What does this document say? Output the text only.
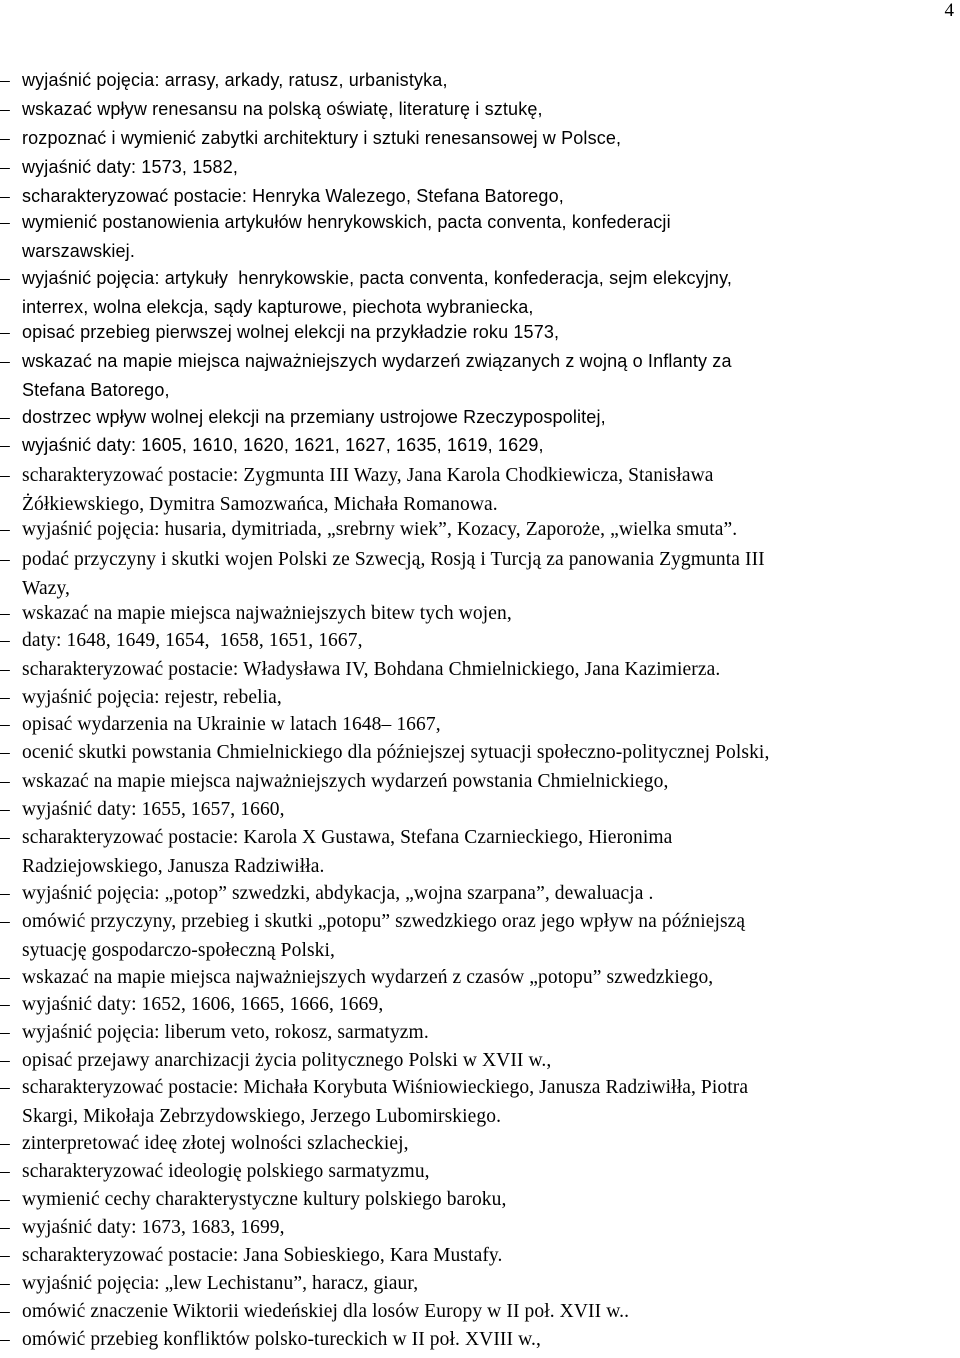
4
– wyjaśnić pojęcia: arrasy, arkady, ratusz, urbanistyka,
– wskazać wpływ renesansu na polską oświatę, literaturę i sztukę,
– rozpoznać i wymienić zabytki architektury i sztuki renesansowej w Polsce,
– wyjaśnić daty: 1573, 1582,
– scharakteryzować postacie: Henryka Walezego, Stefana Batorego,
– wymienić postanowienia artykułów henrykowskich, pacta conventa, konfederacji
warszawskiej.
– wyjaśnić pojęcia: artykuły  henrykowskie, pacta conventa, konfederacja, sejm elekcyjny,
interrex, wolna elekcja, sądy kapturowe, piechota wybraniecka,
– opisać przebieg pierwszej wolnej elekcji na przykładzie roku 1573,
– wskazać na mapie miejsca najważniejszych wydarzeń związanych z wojną o Inflanty za
Stefana Batorego,
– dostrzec wpływ wolnej elekcji na przemiany ustrojowe Rzeczypospolitej,
– wyjaśnić daty: 1605, 1610, 1620, 1621, 1627, 1635, 1619, 1629,
– scharakteryzować postacie: Zygmunta III Wazy, Jana Karola Chodkiewicza, Stanisława
Żółkiewskiego, Dymitra Samozwańca, Michała Romanowa.
– wyjaśnić pojęcia: husaria, dymitriada, „srebrny wiek”, Kozacy, Zaporoże, „wielka smuta”.
– podać przyczyny i skutki wojen Polski ze Szwecją, Rosją i Turcją za panowania Zygmunta III
Wazy,
– wskazać na mapie miejsca najważniejszych bitew tych wojen,
– daty: 1648, 1649, 1654,  1658, 1651, 1667,
– scharakteryzować postacie: Władysława IV, Bohdana Chmielnickiego, Jana Kazimierza.
– wyjaśnić pojęcia: rejestr, rebelia,
– opisać wydarzenia na Ukrainie w latach 1648– 1667,
– ocenić skutki powstania Chmielnickiego dla późniejszej sytuacji społeczno-politycznej Polski,
– wskazać na mapie miejsca najważniejszych wydarzeń powstania Chmielnickiego,
– wyjaśnić daty: 1655, 1657, 1660,
– scharakteryzować postacie: Karola X Gustawa, Stefana Czarnieckiego, Hieronima
Radziejowskiego, Janusza Radziwiłła.
– wyjaśnić pojęcia: „potop” szwedzki, abdykacja, „wojna szarpana”, dewaluacja .
– omówić przyczyny, przebieg i skutki „potopu” szwedzkiego oraz jego wpływ na późniejszą
sytuację gospodarczo-społeczną Polski,
– wskazać na mapie miejsca najważniejszych wydarzeń z czasów „potopu” szwedzkiego,
– wyjaśnić daty: 1652, 1606, 1665, 1666, 1669,
– wyjaśnić pojęcia: liberum veto, rokosz, sarmatyzm.
– opisać przejawy anarchizacji życia politycznego Polski w XVII w.,
– scharakteryzować postacie: Michała Korybuta Wiśniowieckiego, Janusza Radziwiłła, Piotra
Skargi, Mikołaja Zebrzydowskiego, Jerzego Lubomirskiego.
– zinterpretować ideę złotej wolności szlacheckiej,
– scharakteryzować ideologię polskiego sarmatyzmu,
– wymienić cechy charakterystyczne kultury polskiego baroku,
– wyjaśnić daty: 1673, 1683, 1699,
– scharakteryzować postacie: Jana Sobieskiego, Kara Mustafy.
– wyjaśnić pojęcia: „lew Lechistanu”, haracz, giaur,
– omówić znaczenie Wiktorii wiedeńskiej dla losów Europy w II poł. XVII w..
– omówić przebieg konfliktów polsko-tureckich w II poł. XVIII w.,
